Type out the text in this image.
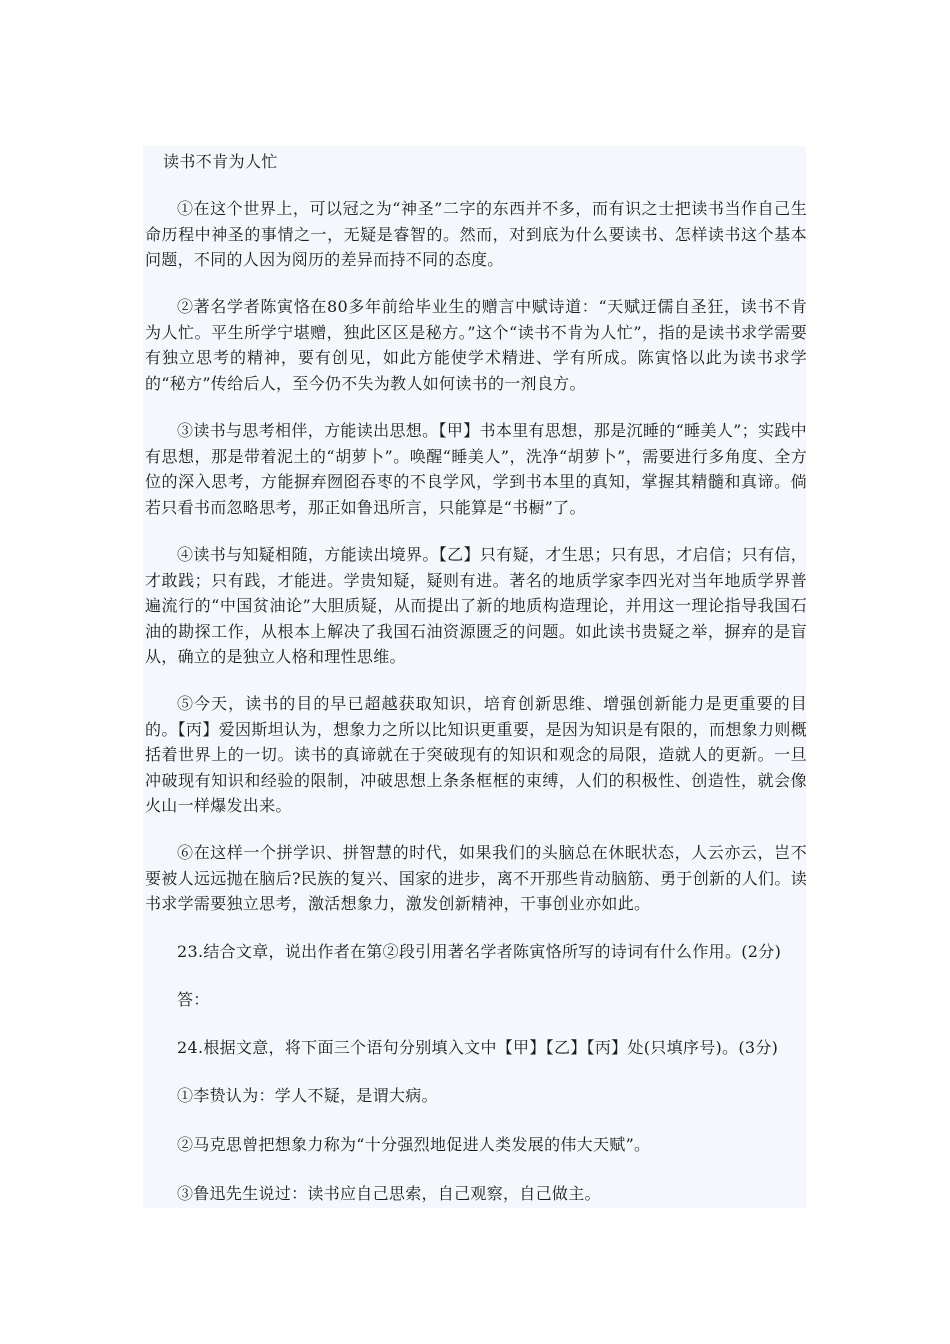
读书不肯为人忙

①在这个世界上，可以冠之为“神圣”二字的东西并不多，而有识之士把读书当作自己生命历程中神圣的事情之一，无疑是睿智的。然而，对到底为什么要读书、怎样读书这个基本问题，不同的人因为阅历的差异而持不同的态度。

②著名学者陈寅恪在80多年前给毕业生的赠言中赋诗道：“天赋迂儒自圣狂，读书不肯为人忙。平生所学宁堪赠，独此区区是秘方。”这个“读书不肯为人忙”，指的是读书求学需要有独立思考的精神，要有创见，如此方能使学术精进、学有所成。陈寅恪以此为读书求学的“秘方”传给后人，至今仍不失为教人如何读书的一剂良方。

③读书与思考相伴，方能读出思想。【甲】书本里有思想，那是沉睡的“睡美人”；实践中有思想，那是带着泥土的“胡萝卜”。唤醒“睡美人”，洗净“胡萝卜”，需要进行多角度、全方位的深入思考，方能摒弃囫囵吞枣的不良学风，学到书本里的真知，掌握其精髓和真谛。倘若只看书而忽略思考，那正如鲁迅所言，只能算是“书橱”了。

④读书与知疑相随，方能读出境界。【乙】只有疑，才生思；只有思，才启信；只有信，才敢践；只有践，才能进。学贵知疑，疑则有进。著名的地质学家李四光对当年地质学界普遍流行的“中国贫油论”大胆质疑，从而提出了新的地质构造理论，并用这一理论指导我国石油的勘探工作，从根本上解决了我国石油资源匮乏的问题。如此读书贵疑之举，摒弃的是盲从，确立的是独立人格和理性思维。

⑤今天，读书的目的早已超越获取知识，培育创新思维、增强创新能力是更重要的目的。【丙】爱因斯坦认为，想象力之所以比知识更重要，是因为知识是有限的，而想象力则概括着世界上的一切。读书的真谛就在于突破现有的知识和观念的局限，造就人的更新。一旦冲破现有知识和经验的限制，冲破思想上条条框框的束缚，人们的积极性、创造性，就会像火山一样爆发出来。

⑥在这样一个拼学识、拼智慧的时代，如果我们的头脑总在休眠状态，人云亦云，岂不要被人远远抛在脑后?民族的复兴、国家的进步，离不开那些肯动脑筋、勇于创新的人们。读书求学需要独立思考，激活想象力，激发创新精神，干事创业亦如此。

23.结合文章，说出作者在第②段引用著名学者陈寅恪所写的诗词有什么作用。(2分)
答：
24.根据文意，将下面三个语句分别填入文中【甲】【乙】【丙】处(只填序号)。(3分)
①李贽认为：学人不疑，是谓大病。
②马克思曾把想象力称为“十分强烈地促进人类发展的伟大天赋”。
③鲁迅先生说过：读书应自己思索，自己观察，自己做主。
